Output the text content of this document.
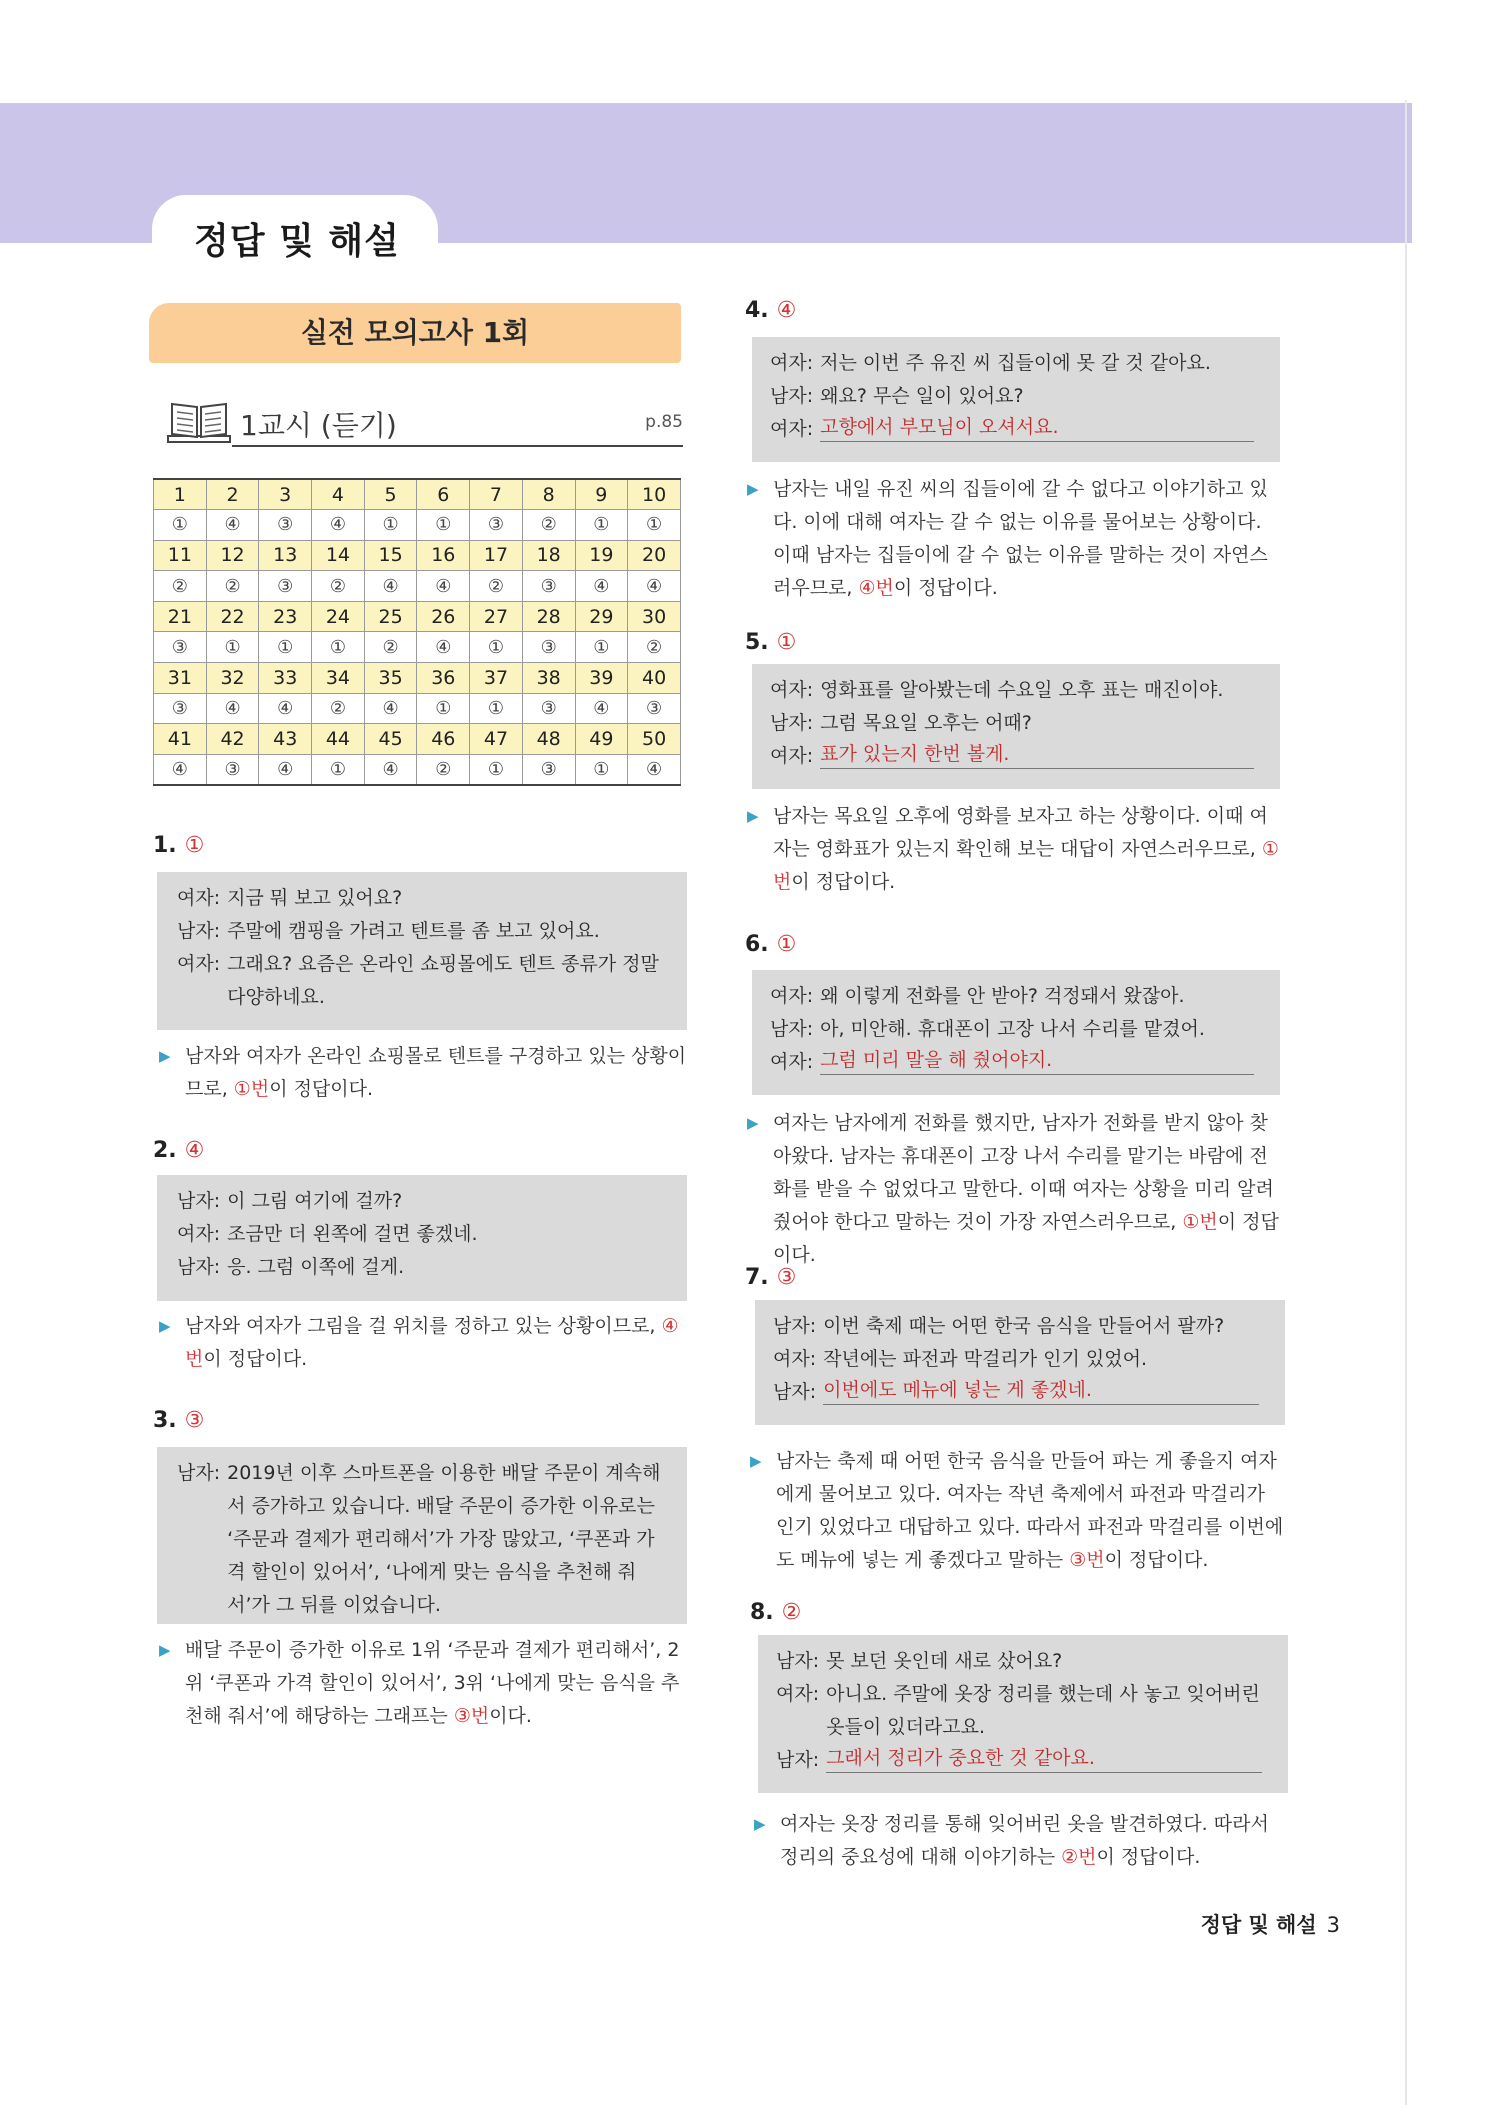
정답 및 해설
실전 모의고사 1회
1교시 (듣기)	p.85
1	2	3	4	5	6	7	8	9	10
①	④	③	④	①	①	③	②	①	①
11	12	13	14	15	16	17	18	19	20
②	②	③	②	④	④	②	③	④	④
21	22	23	24	25	26	27	28	29	30
③	①	①	①	②	④	①	③	①	②
31	32	33	34	35	36	37	38	39	40
③	④	④	②	④	①	①	③	④	③
41	42	43	44	45	46	47	48	49	50
④	③	④	①	④	②	①	③	①	④
1. ①
여자: 지금 뭐 보고 있어요?
남자: 주말에 캠핑을 가려고 텐트를 좀 보고 있어요.
여자: 그래요? 요즘은 온라인 쇼핑몰에도 텐트 종류가 정말 다양하네요.
▶ 남자와 여자가 온라인 쇼핑몰로 텐트를 구경하고 있는 상황이므로, ①번이 정답이다.
2. ④
남자: 이 그림 여기에 걸까?
여자: 조금만 더 왼쪽에 걸면 좋겠네.
남자: 응. 그럼 이쪽에 걸게.
▶ 남자와 여자가 그림을 걸 위치를 정하고 있는 상황이므로, ④번이 정답이다.
3. ③
남자: 2019년 이후 스마트폰을 이용한 배달 주문이 계속해서 증가하고 있습니다. 배달 주문이 증가한 이유로는 ‘주문과 결제가 편리해서’가 가장 많았고, ‘쿠폰과 가격 할인이 있어서’, ‘나에게 맞는 음식을 추천해 줘서’가 그 뒤를 이었습니다.
▶ 배달 주문이 증가한 이유로 1위 ‘주문과 결제가 편리해서’, 2위 ‘쿠폰과 가격 할인이 있어서’, 3위 ‘나에게 맞는 음식을 추천해 줘서’에 해당하는 그래프는 ③번이다.
4. ④
여자: 저는 이번 주 유진 씨 집들이에 못 갈 것 같아요.
남자: 왜요? 무슨 일이 있어요?
여자: 고향에서 부모님이 오셔서요.
▶ 남자는 내일 유진 씨의 집들이에 갈 수 없다고 이야기하고 있다. 이에 대해 여자는 갈 수 없는 이유를 물어보는 상황이다. 이때 남자는 집들이에 갈 수 없는 이유를 말하는 것이 자연스러우므로, ④번이 정답이다.
5. ①
여자: 영화표를 알아봤는데 수요일 오후 표는 매진이야.
남자: 그럼 목요일 오후는 어때?
여자: 표가 있는지 한번 볼게.
▶ 남자는 목요일 오후에 영화를 보자고 하는 상황이다. 이때 여자는 영화표가 있는지 확인해 보는 대답이 자연스러우므로, ①번이 정답이다.
6. ①
여자: 왜 이렇게 전화를 안 받아? 걱정돼서 왔잖아.
남자: 아, 미안해. 휴대폰이 고장 나서 수리를 맡겼어.
여자: 그럼 미리 말을 해 줬어야지.
▶ 여자는 남자에게 전화를 했지만, 남자가 전화를 받지 않아 찾아왔다. 남자는 휴대폰이 고장 나서 수리를 맡기는 바람에 전화를 받을 수 없었다고 말한다. 이때 여자는 상황을 미리 알려줬어야 한다고 말하는 것이 가장 자연스러우므로, ①번이 정답이다.
7. ③
남자: 이번 축제 때는 어떤 한국 음식을 만들어서 팔까?
여자: 작년에는 파전과 막걸리가 인기 있었어.
남자: 이번에도 메뉴에 넣는 게 좋겠네.
▶ 남자는 축제 때 어떤 한국 음식을 만들어 파는 게 좋을지 여자에게 물어보고 있다. 여자는 작년 축제에서 파전과 막걸리가 인기 있었다고 대답하고 있다. 따라서 파전과 막걸리를 이번에도 메뉴에 넣는 게 좋겠다고 말하는 ③번이 정답이다.
8. ②
남자: 못 보던 옷인데 새로 샀어요?
여자: 아니요. 주말에 옷장 정리를 했는데 사 놓고 잊어버린 옷들이 있더라고요.
남자: 그래서 정리가 중요한 것 같아요.
▶ 여자는 옷장 정리를 통해 잊어버린 옷을 발견하였다. 따라서 정리의 중요성에 대해 이야기하는 ②번이 정답이다.
정답 및 해설 3
